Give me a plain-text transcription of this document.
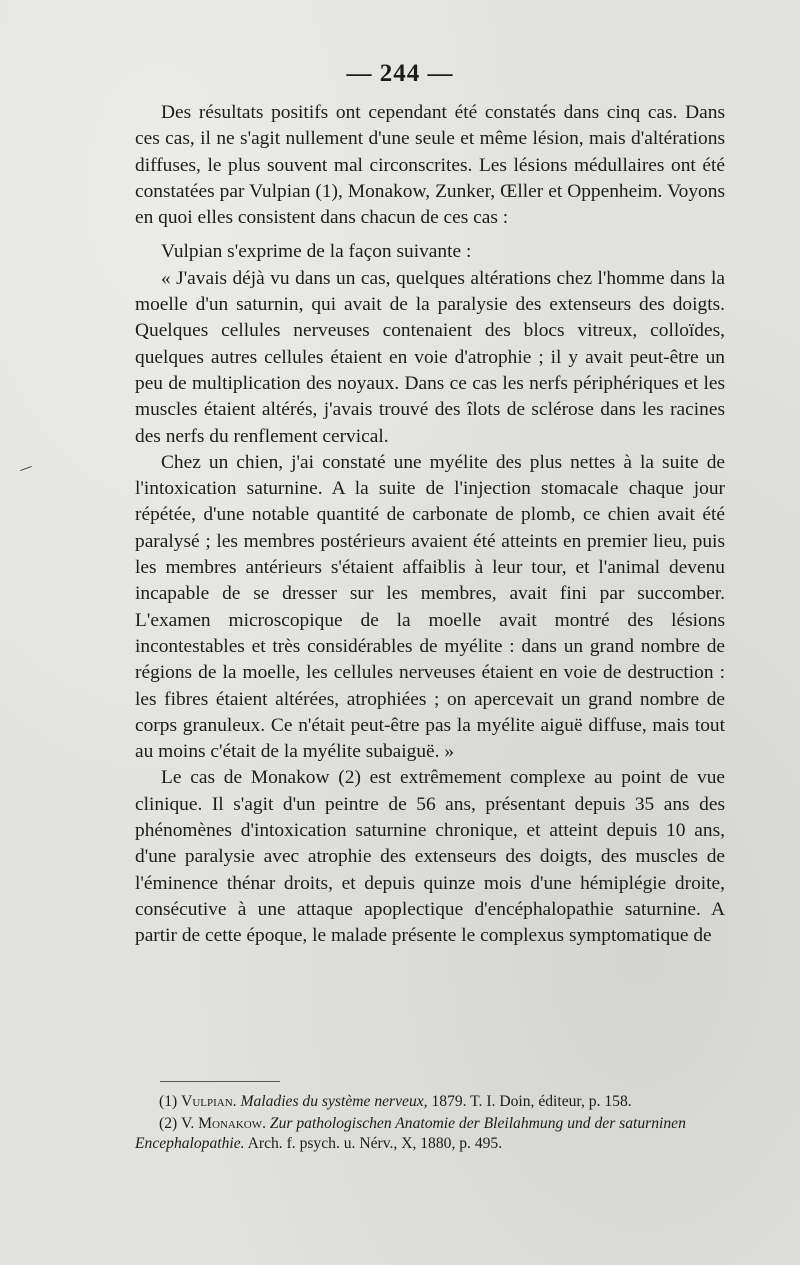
— 244 —

Des résultats positifs ont cependant été constatés dans cinq cas. Dans ces cas, il ne s'agit nullement d'une seule et même lésion, mais d'altérations diffuses, le plus souvent mal circonscrites. Les lésions médullaires ont été constatées par Vulpian (1), Monakow, Zunker, Œller et Oppenheim. Voyons en quoi elles consistent dans chacun de ces cas :

Vulpian s'exprime de la façon suivante :

« J'avais déjà vu dans un cas, quelques altérations chez l'homme dans la moelle d'un saturnin, qui avait de la paralysie des extenseurs des doigts. Quelques cellules nerveuses contenaient des blocs vitreux, colloïdes, quelques autres cellules étaient en voie d'atrophie ; il y avait peut-être un peu de multiplication des noyaux. Dans ce cas les nerfs périphériques et les muscles étaient altérés, j'avais trouvé des îlots de sclérose dans les racines des nerfs du renflement cervical.

Chez un chien, j'ai constaté une myélite des plus nettes à la suite de l'intoxication saturnine. A la suite de l'injection stomacale chaque jour répétée, d'une notable quantité de carbonate de plomb, ce chien avait été paralysé ; les membres postérieurs avaient été atteints en premier lieu, puis les membres antérieurs s'étaient affaiblis à leur tour, et l'animal devenu incapable de se dresser sur les membres, avait fini par succomber. L'examen microscopique de la moelle avait montré des lésions incontestables et très considérables de myélite : dans un grand nombre de régions de la moelle, les cellules nerveuses étaient en voie de destruction : les fibres étaient altérées, atrophiées ; on apercevait un grand nombre de corps granuleux. Ce n'était peut-être pas la myélite aiguë diffuse, mais tout au moins c'était de la myélite subaiguë. »

Le cas de Monakow (2) est extrêmement complexe au point de vue clinique. Il s'agit d'un peintre de 56 ans, présentant depuis 35 ans des phénomènes d'intoxication saturnine chronique, et atteint depuis 10 ans, d'une paralysie avec atrophie des extenseurs des doigts, des muscles de l'éminence thénar droits, et depuis quinze mois d'une hémiplégie droite, consécutive à une attaque apoplectique d'encéphalopathie saturnine. A partir de cette époque, le malade présente le complexus symptomatique de

(1) Vulpian. Maladies du système nerveux, 1879. T. I. Doin, éditeur, p. 158.

(2) V. Monakow. Zur pathologischen Anatomie der Bleilahmung und der saturninen Encephalopathie. Arch. f. psych. u. Nérv., X, 1880, p. 495.
